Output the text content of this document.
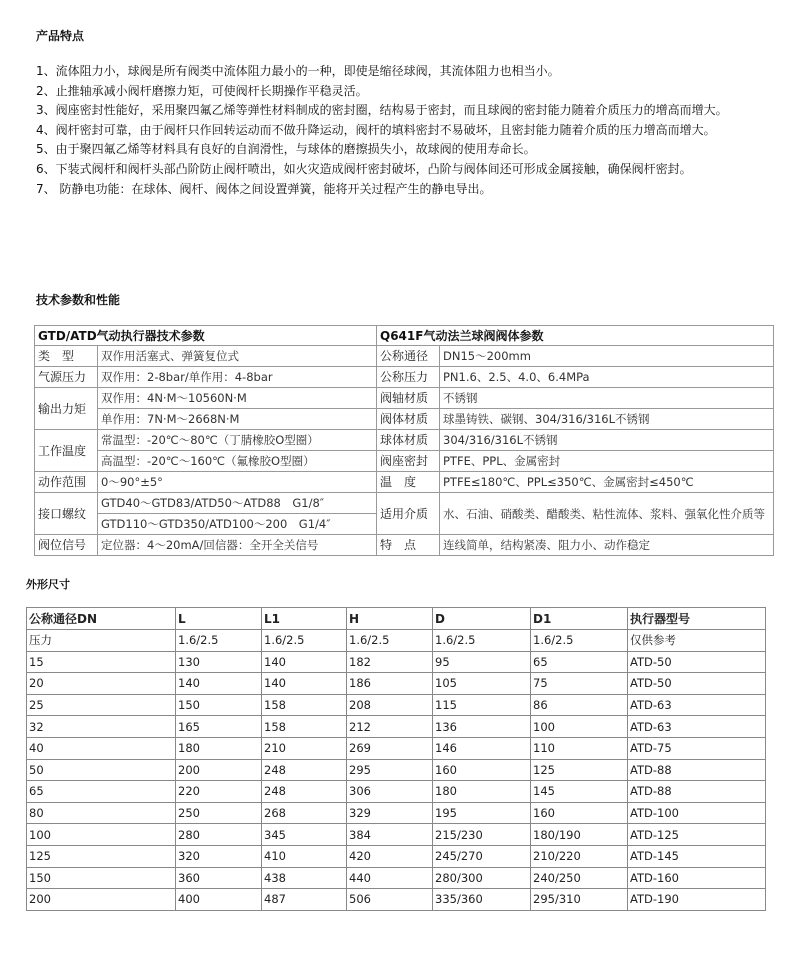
产品特点

1、流体阻力小，球阀是所有阀类中流体阻力最小的一种，即使是缩径球阀，其流体阻力也相当小。

2、止推轴承减小阀杆磨擦力矩，可使阀杆长期操作平稳灵活。

3、阀座密封性能好，采用聚四氟乙烯等弹性材料制成的密封圈，结构易于密封，而且球阀的密封能力随着介质压力的增高而增大。

4、阀杆密封可靠，由于阀杆只作回转运动而不做升降运动，阀杆的填料密封不易破坏，且密封能力随着介质的压力增高而增大。

5、由于聚四氟乙烯等材料具有良好的自润滑性，与球体的磨擦损失小，故球阀的使用寿命长。

6、下装式阀杆和阀杆头部凸阶防止阀杆喷出，如火灾造成阀杆密封破坏，凸阶与阀体间还可形成金属接触，确保阀杆密封。

7、 防静电功能：在球体、阀杆、阀体之间设置弹簧，能将开关过程产生的静电导出。

技术参数和性能
GTD/ATD气动执行器技术参数		Q641F气动法兰球阀阀体参数	
类　型	双作用活塞式、弹簧复位式	公称通径	DN15～200mm
气源压力	双作用：2-8bar/单作用：4-8bar	公称压力	PN1.6、2.5、4.0、6.4MPa
输出力矩	双作用：4N·M～10560N·M	阀轴材质	不锈钢
	单作用：7N·M～2668N·M	阀体材质	球墨铸铁、碳钢、304/316/316L不锈钢
工作温度	常温型：-20℃～80℃（丁腈橡胶O型圈）	球体材质	304/316/316L不锈钢
	高温型：-20℃～160℃（氟橡胶O型圈）	阀座密封	PTFE、PPL、金属密封
动作范围	0～90°±5°	温　度	PTFE≤180℃、PPL≤350℃、金属密封≤450℃
接口螺纹	GTD40～GTD83/ATD50～ATD88　G1/8″	适用介质	水、石油、硝酸类、醋酸类、粘性流体、浆料、强氧化性介质等
	GTD110～GTD350/ATD100～200　G1/4″		
阀位信号	定位器：4～20mA/回信器：全开全关信号	特　点	连线简单，结构紧凑、阻力小、动作稳定
外形尺寸
公称通径DN	L	L1	H	D	D1	执行器型号
压力	1.6/2.5	1.6/2.5	1.6/2.5	1.6/2.5	1.6/2.5	仅供参考
15	130	140	182	95	65	ATD-50
20	140	140	186	105	75	ATD-50
25	150	158	208	115	86	ATD-63
32	165	158	212	136	100	ATD-63
40	180	210	269	146	110	ATD-75
50	200	248	295	160	125	ATD-88
65	220	248	306	180	145	ATD-88
80	250	268	329	195	160	ATD-100
100	280	345	384	215/230	180/190	ATD-125
125	320	410	420	245/270	210/220	ATD-145
150	360	438	440	280/300	240/250	ATD-160
200	400	487	506	335/360	295/310	ATD-190
